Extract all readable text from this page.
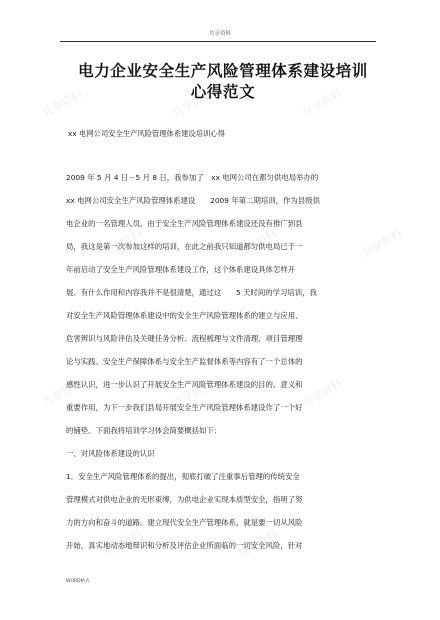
共享资料	共享资料	共享资料
共享资料	共享资料	共享资料
共享资料	共享资料	共享资料
共享资料	共享资料
共享资料
电力企业安全生产风险管理体系建设培训
心得范文
xx 电网公司安全生产风险管理体系建设培训心得
2009 年 5 月 4 日－5 月 8 日，我参加了　xx 电网公司在都匀供电局举办的
xx 电网公司安全生产风险管理体系建设　　2009 年第二期培训，作为县级供
电企业的一名管理人员，由于安全生产风险管理体系建设还没有推广到县
局，我这是第一次参加这样的培训，在此之前我只知道都匀供电局已于一
年前启动了安全生产风险管理体系建设工作，这个体系建设具体怎样开
展、有什么作用和内容我并不是很清楚，通过这　　5 天时间的学习培训，我
对安全生产风险管理体系建设中的安全生产风险管理体系的建立与应用、
危害辨识与风险评估及关键任务分析、流程梳理与文件清理、项目管理理
论与实践、安全生产保障体系与安全生产监督体系等内容有了一个总体的
感性认识，进一步认识了开展安全生产风险管理体系建设的目的、意义和
重要作用，为下一步我们县局开展安全生产风险管理体系建设作了一个好
的铺垫。下面我将培训学习体会简要概括如下：
一、对风险体系建设的认识
1．安全生产风险管理体系的提出，彻底打破了注重事后管理的传统安全
管理模式对供电企业的无形束缚，为供电企业实现本质型安全，指明了努
力的方向和奋斗的道路。建立现代安全生产管理体系，就是要一切从风险
开始，真实地动态地辩识和分析及评估企业所面临的一切安全风险，针对
WORD格式
